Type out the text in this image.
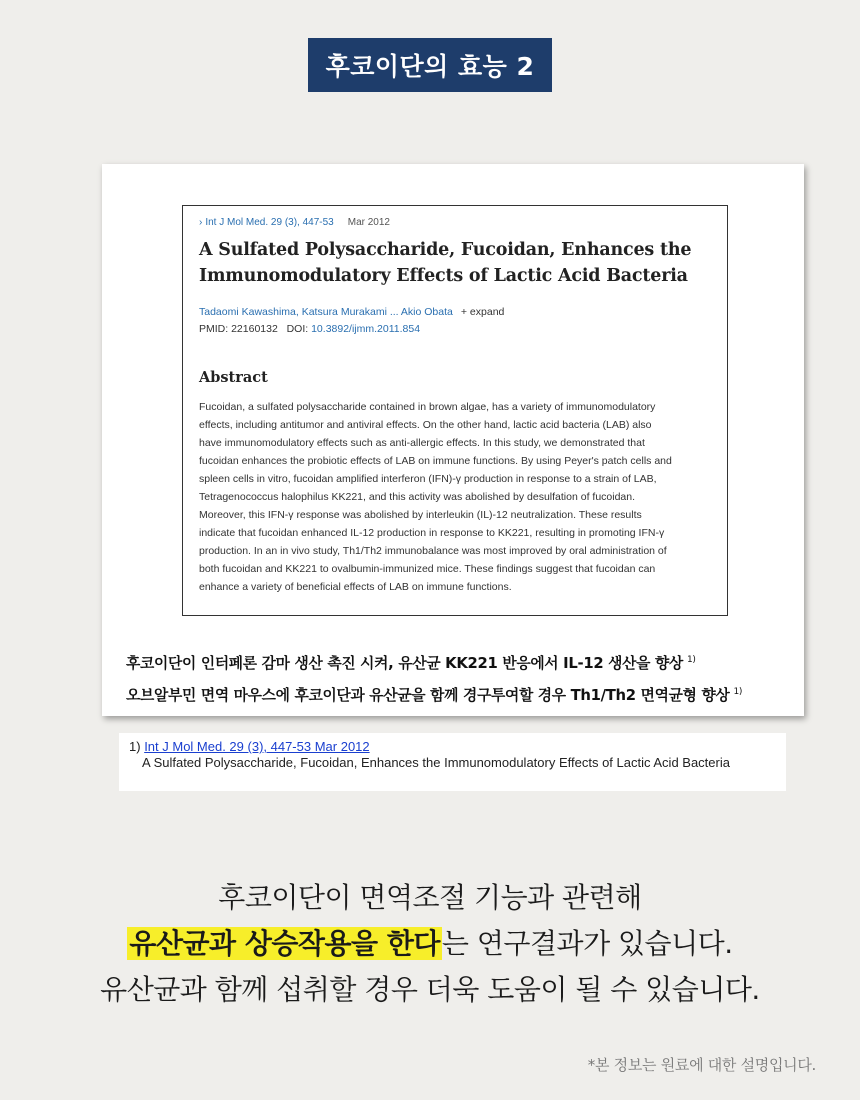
후코이단의 효능 2
› Int J Mol Med. 29 (3), 447-53 Mar 2012
A Sulfated Polysaccharide, Fucoidan, Enhances the
Immunomodulatory Effects of Lactic Acid Bacteria
Tadaomi Kawashima, Katsura Murakami ... Akio Obata + expand
PMID: 22160132 DOI: 10.3892/ijmm.2011.854
Abstract
Fucoidan, a sulfated polysaccharide contained in brown algae, has a variety of immunomodulatory
effects, including antitumor and antiviral effects. On the other hand, lactic acid bacteria (LAB) also
have immunomodulatory effects such as anti-allergic effects. In this study, we demonstrated that
fucoidan enhances the probiotic effects of LAB on immune functions. By using Peyer's patch cells and
spleen cells in vitro, fucoidan amplified interferon (IFN)-γ production in response to a strain of LAB,
Tetragenococcus halophilus KK221, and this activity was abolished by desulfation of fucoidan.
Moreover, this IFN-γ response was abolished by interleukin (IL)-12 neutralization. These results
indicate that fucoidan enhanced IL-12 production in response to KK221, resulting in promoting IFN-γ
production. In an in vivo study, Th1/Th2 immunobalance was most improved by oral administration of
both fucoidan and KK221 to ovalbumin-immunized mice. These findings suggest that fucoidan can
enhance a variety of beneficial effects of LAB on immune functions.
후코이단이 인터페론 감마 생산 촉진 시켜, 유산균 KK221 반응에서 IL-12 생산을 향상 $^{1)}$
오브알부민 면역 마우스에 후코이단과 유산균을 함께 경구투여할 경우 Th1/Th2 면역균형 향상 $^{1)}$
1) Int J Mol Med. 29 (3), 447-53 Mar 2012
A Sulfated Polysaccharide, Fucoidan, Enhances the Immunomodulatory Effects of Lactic Acid Bacteria
후코이단이 면역조절 기능과 관련해
유산균과 상승작용을 한다는 연구결과가 있습니다.
유산균과 함께 섭취할 경우 더욱 도움이 될 수 있습니다.
*본 정보는 원료에 대한 설명입니다.
